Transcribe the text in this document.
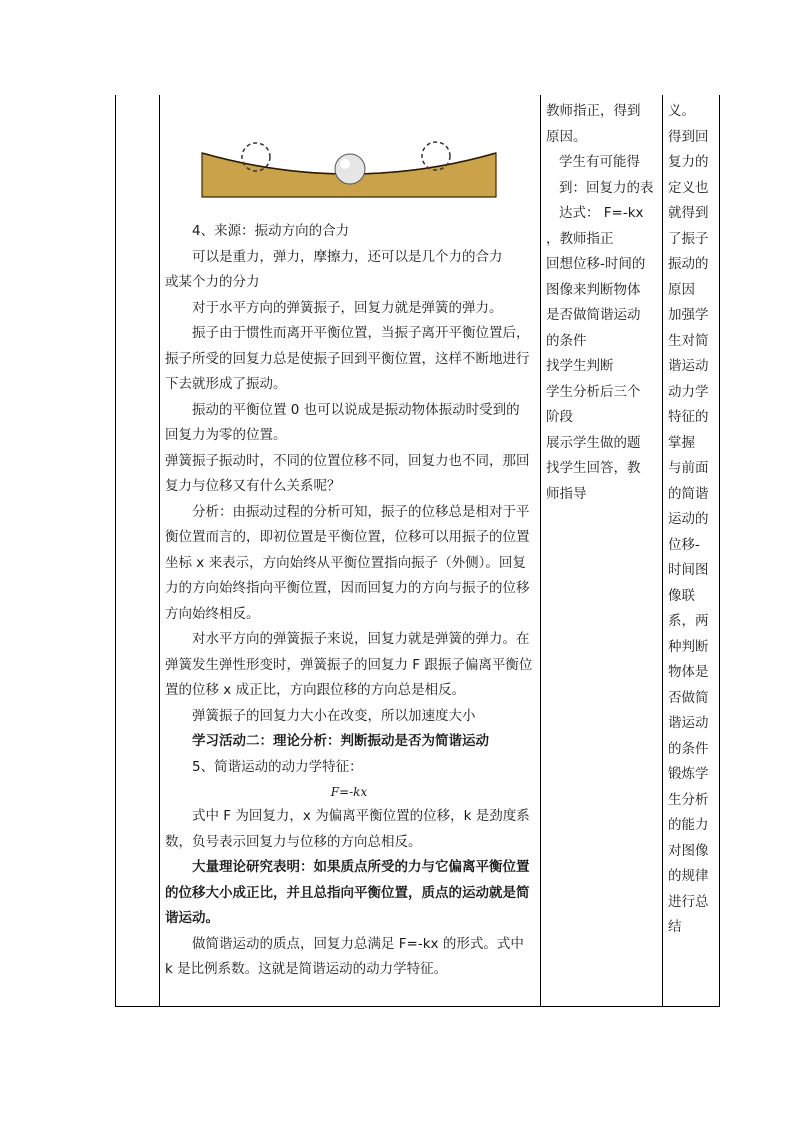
4、来源：振动方向的合力

可以是重力，弹力，摩擦力，还可以是几个力的合力

或某个力的分力

对于水平方向的弹簧振子，回复力就是弹簧的弹力。

振子由于惯性而离开平衡位置，当振子离开平衡位置后，振子所受的回复力总是使振子回到平衡位置，这样不断地进行下去就形成了振动。

振动的平衡位置 0 也可以说成是振动物体振动时受到的回复力为零的位置。

弹簧振子振动时，不同的位置位移不同，回复力也不同，那回复力与位移又有什么关系呢？

分析：由振动过程的分析可知，振子的位移总是相对于平衡位置而言的，即初位置是平衡位置，位移可以用振子的位置坐标 x 来表示，方向始终从平衡位置指向振子（外侧）。回复力的方向始终指向平衡位置，因而回复力的方向与振子的位移方向始终相反。

对水平方向的弹簧振子来说，回复力就是弹簧的弹力。在弹簧发生弹性形变时，弹簧振子的回复力 F 跟振子偏离平衡位置的位移 x 成正比，方向跟位移的方向总是相反。

弹簧振子的回复力大小在改变，所以加速度大小

学习活动二：理论分析：判断振动是否为简谐运动

5、简谐运动的动力学特征：

F=-kx

式中 F 为回复力，x 为偏离平衡位置的位移，k 是劲度系数，负号表示回复力与位移的方向总相反。

大量理论研究表明：如果质点所受的力与它偏离平衡位置的位移大小成正比，并且总指向平衡位置，质点的运动就是简谐运动。

做简谐运动的质点，回复力总满足 F=-kx 的形式。式中 k 是比例系数。这就是简谐运动的动力学特征。

教师指正，得到

原因。

学生有可能得

到：回复力的表

达式： F=-kx

，教师指正

回想位移-时间的

图像来判断物体

是否做简谐运动

的条件

找学生判断

学生分析后三个

阶段

展示学生做的题

找学生回答，教

师指导

义。

得到回

复力的

定义也

就得到

了振子

振动的

原因

加强学

生对简

谐运动

动力学

特征的

掌握

与前面

的简谐

运动的

位移-

时间图

像联

系，两

种判断

物体是

否做简

谐运动

的条件

锻炼学

生分析

的能力

对图像

的规律

进行总

结
